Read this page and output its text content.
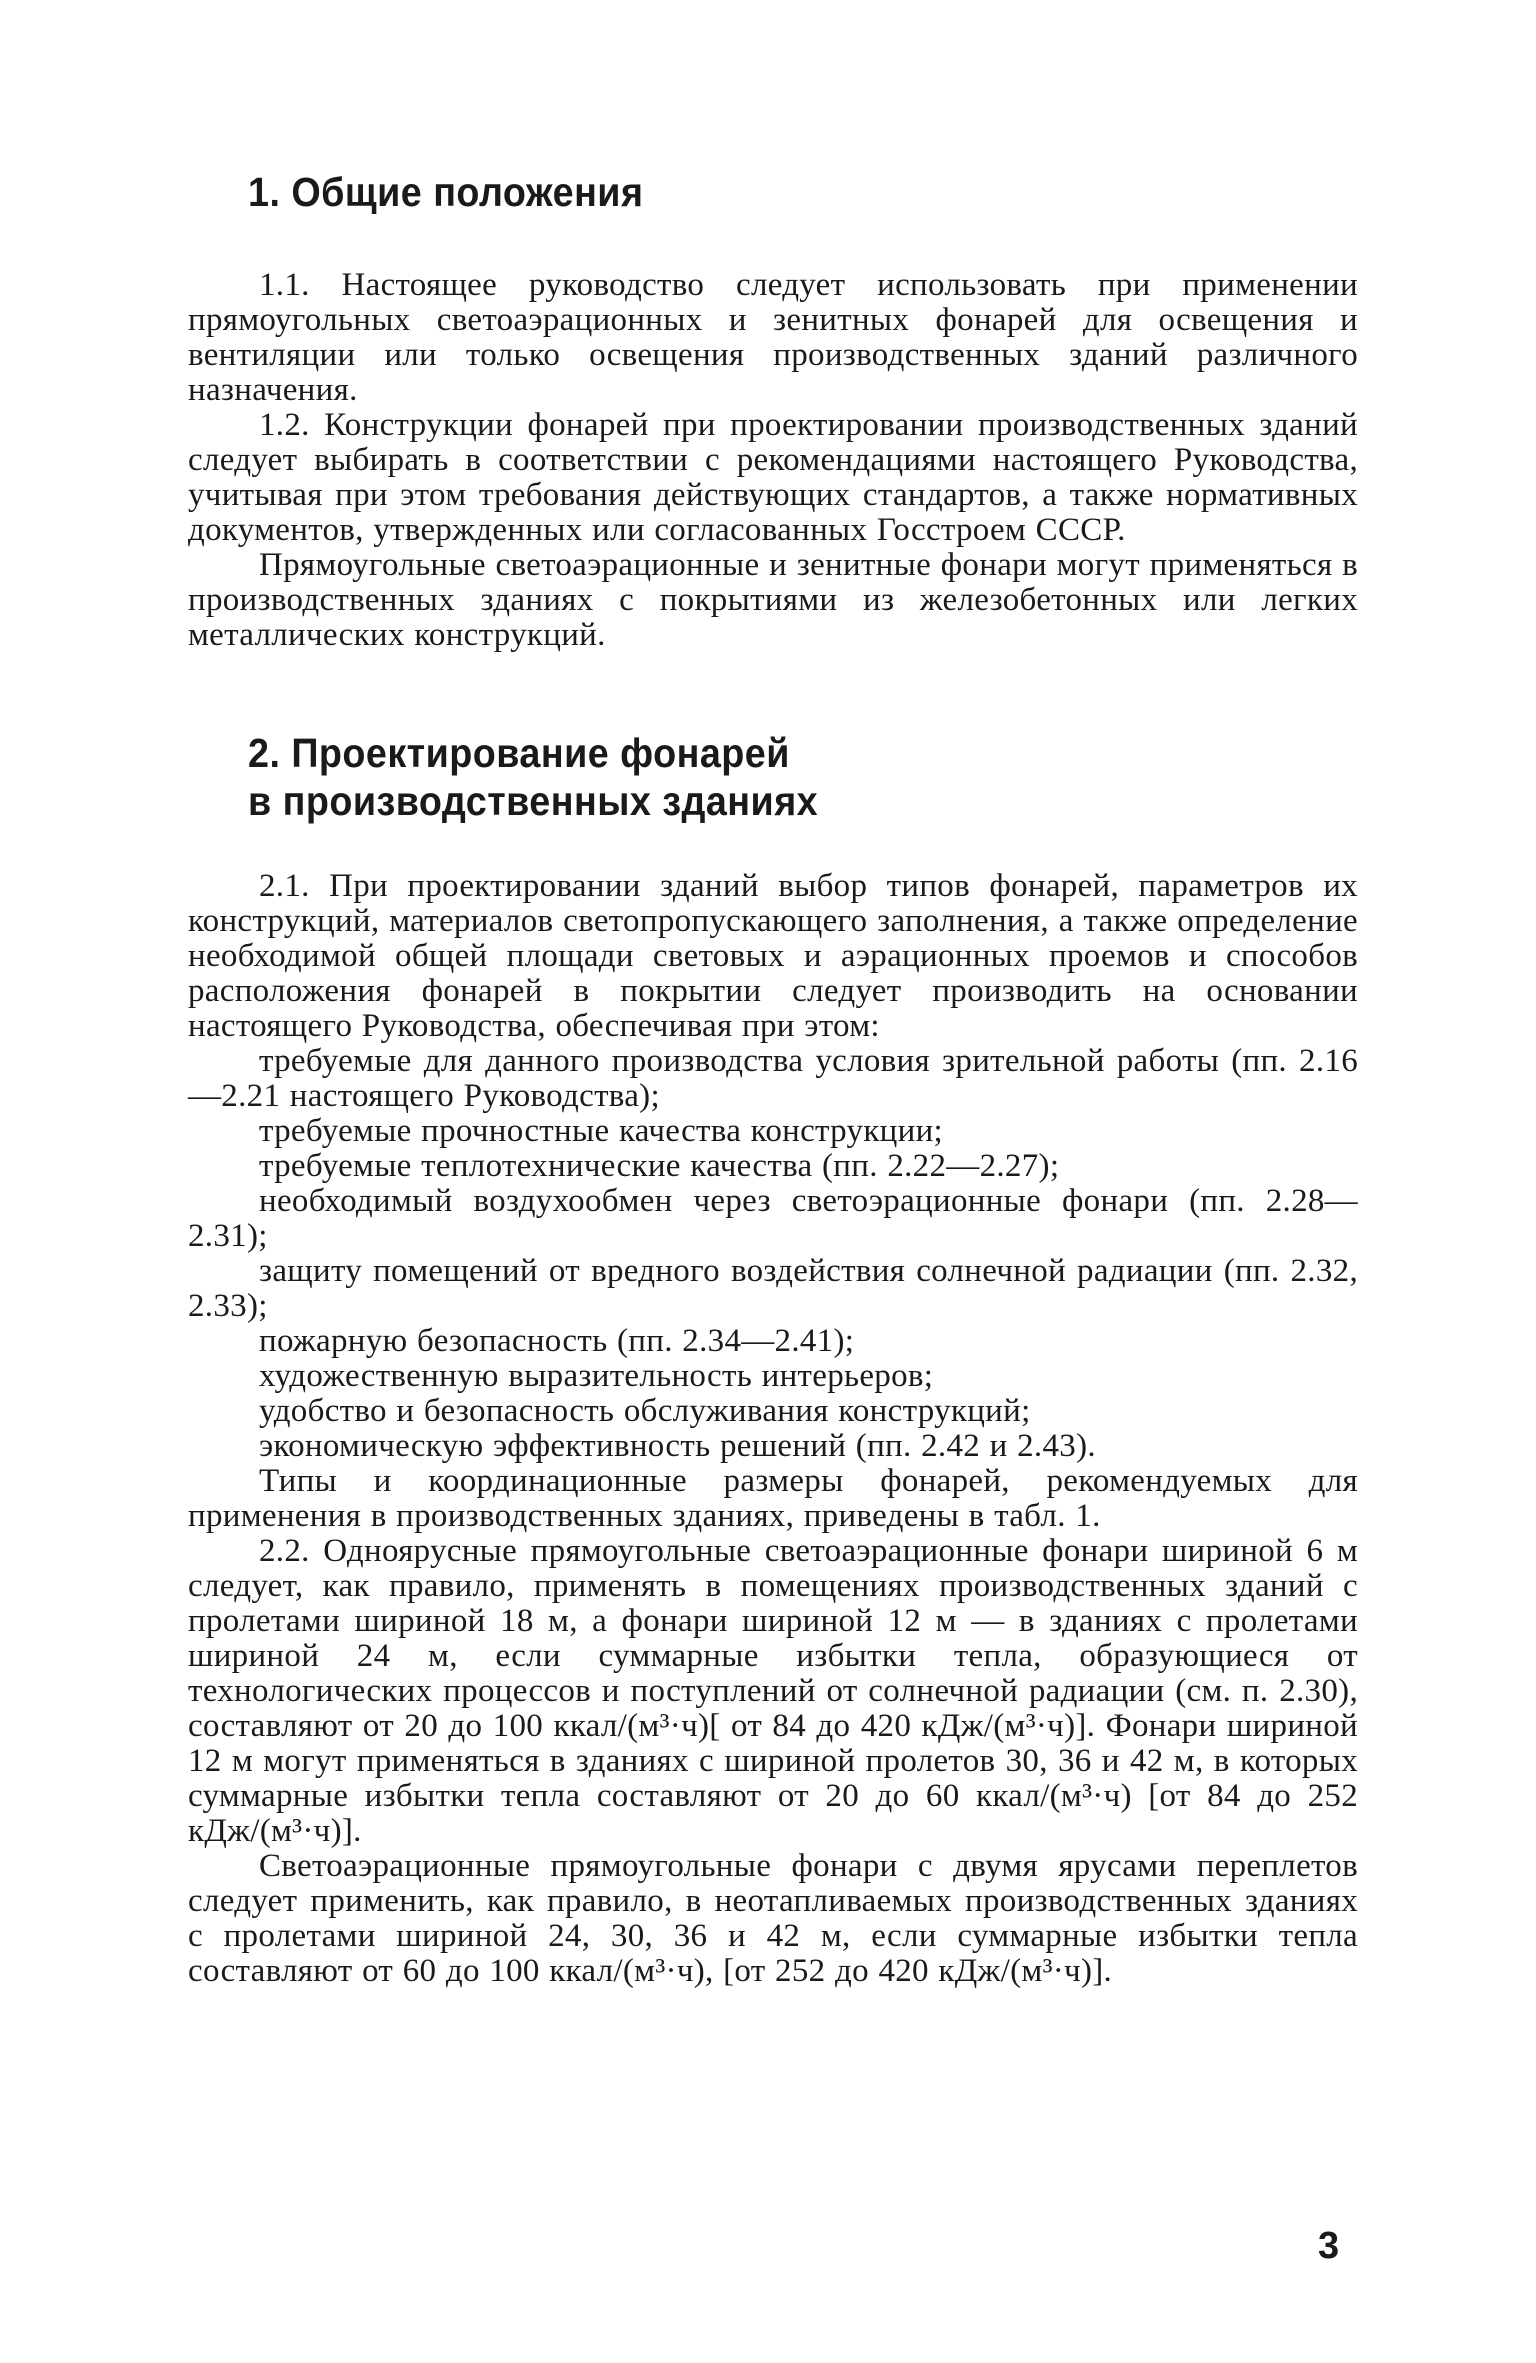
1. Общие положения

1.1. Настоящее руководство следует использовать при применении прямоугольных светоаэрационных и зенитных фонарей для освещения и вентиляции или только освещения производственных зданий различного назначения.

1.2. Конструкции фонарей при проектировании производственных зданий следует выбирать в соответствии с рекомендациями настоящего Руководства, учитывая при этом требования действующих стандартов, а также нормативных документов, утвержденных или согласованных Госстроем СССР.

Прямоугольные светоаэрационные и зенитные фонари могут применяться в производственных зданиях с покрытиями из железобетонных или легких металлических конструкций.

2. Проектирование фонарей
в производственных зданиях

2.1. При проектировании зданий выбор типов фонарей, параметров их конструкций, материалов светопропускающего заполнения, а также определение необходимой общей площади световых и аэрационных проемов и способов расположения фонарей в покрытии следует производить на основании настоящего Руководства, обеспечивая при этом:

требуемые для данного производства условия зрительной работы (пп. 2.16—2.21 настоящего Руководства);

требуемые прочностные качества конструкции;

требуемые теплотехнические качества (пп. 2.22—2.27);

необходимый воздухообмен через светоэрационные фонари (пп. 2.28—2.31);

защиту помещений от вредного воздействия солнечной радиации (пп. 2.32, 2.33);

пожарную безопасность (пп. 2.34—2.41);

художественную выразительность интерьеров;

удобство и безопасность обслуживания конструкций;

экономическую эффективность решений (пп. 2.42 и 2.43).

Типы и координационные размеры фонарей, рекомендуемых для применения в производственных зданиях, приведены в табл. 1.

2.2. Одноярусные прямоугольные светоаэрационные фонари шириной 6 м следует, как правило, применять в помещениях производственных зданий с пролетами шириной 18 м, а фонари шириной 12 м — в зданиях с пролетами шириной 24 м, если суммарные избытки тепла, образующиеся от технологических процессов и поступлений от солнечной радиации (см. п. 2.30), составляют от 20 до 100 ккал/(м³·ч)[ от 84 до 420 кДж/(м³·ч)]. Фонари шириной 12 м могут применяться в зданиях с шириной пролетов 30, 36 и 42 м, в которых суммарные избытки тепла составляют от 20 до 60 ккал/(м³·ч) [от 84 до 252 кДж/(м³·ч)].

Светоаэрационные прямоугольные фонари с двумя ярусами переплетов следует применить, как правило, в неотапливаемых производственных зданиях с пролетами шириной 24, 30, 36 и 42 м, если суммарные избытки тепла составляют от 60 до 100 ккал/(м³·ч), [от 252 до 420 кДж/(м³·ч)].

3
